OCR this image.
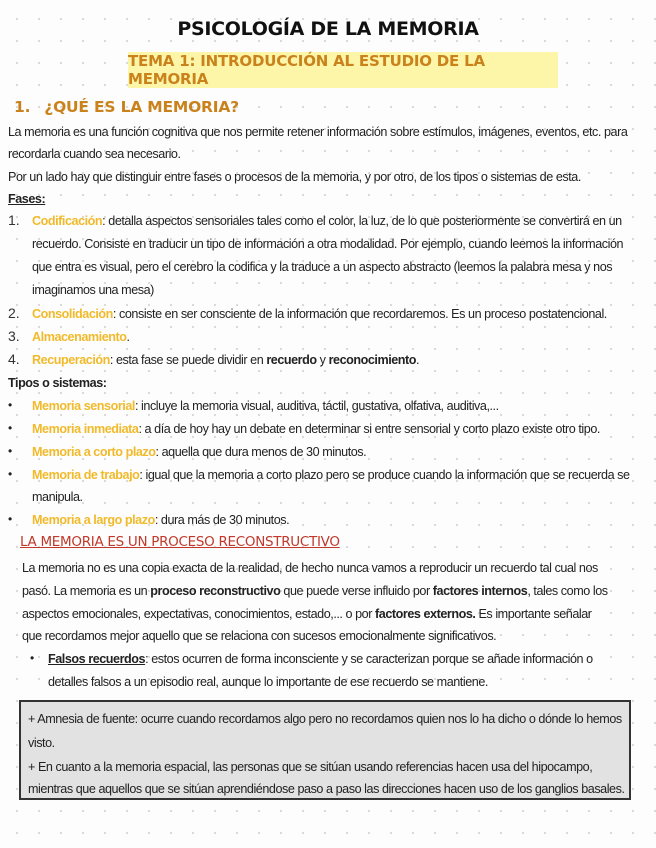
PSICOLOGÍA DE LA MEMORIA
TEMA 1: INTRODUCCIÓN AL ESTUDIO DE LA MEMORIA
1. ¿QUÉ ES LA MEMORIA?
La memoria es una función cognitiva que nos permite retener información sobre estímulos, imágenes, eventos, etc. para
recordarla cuando sea necesario.
Por un lado hay que distinguir entre fases o procesos de la memoria, y por otro, de los tipos o sistemas de esta.
Fases:
1. Codificación: detalla aspectos sensoriales tales como el color, la luz, de lo que posteriormente se convertirá en un
recuerdo. Consiste en traducir un tipo de información a otra modalidad. Por ejemplo, cuando leemos la información
que entra es visual, pero el cerebro la codifica y la traduce a un aspecto abstracto (leemos la palabra mesa y nos
imaginamos una mesa)
2. Consolidación: consiste en ser consciente de la información que recordaremos. Es un proceso postatencional.
3. Almacenamiento.
4. Recuperación: esta fase se puede dividir en recuerdo y reconocimiento.
Tipos o sistemas:
• Memoria sensorial: incluye la memoria visual, auditiva, táctil, gustativa, olfativa, auditiva,...
• Memoria inmediata: a día de hoy hay un debate en determinar si entre sensorial y corto plazo existe otro tipo.
• Memoria a corto plazo: aquella que dura menos de 30 minutos.
• Memoria de trabajo: igual que la memoria a corto plazo pero se produce cuando la información que se recuerda se
manipula.
• Memoria a largo plazo: dura más de 30 minutos.
LA MEMORIA ES UN PROCESO RECONSTRUCTIVO
La memoria no es una copia exacta de la realidad, de hecho nunca vamos a reproducir un recuerdo tal cual nos
pasó. La memoria es un proceso reconstructivo que puede verse influido por factores internos, tales como los
aspectos emocionales, expectativas, conocimientos, estado,... o por factores externos. Es importante señalar
que recordamos mejor aquello que se relaciona con sucesos emocionalmente significativos.
• Falsos recuerdos: estos ocurren de forma inconsciente y se caracterizan porque se añade información o
detalles falsos a un episodio real, aunque lo importante de ese recuerdo se mantiene.
+ Amnesia de fuente: ocurre cuando recordamos algo pero no recordamos quien nos lo ha dicho o dónde lo hemos
visto.
+ En cuanto a la memoria espacial, las personas que se sitúan usando referencias hacen usa del hipocampo,
mientras que aquellos que se sitúan aprendiéndose paso a paso las direcciones hacen uso de los ganglios basales.
